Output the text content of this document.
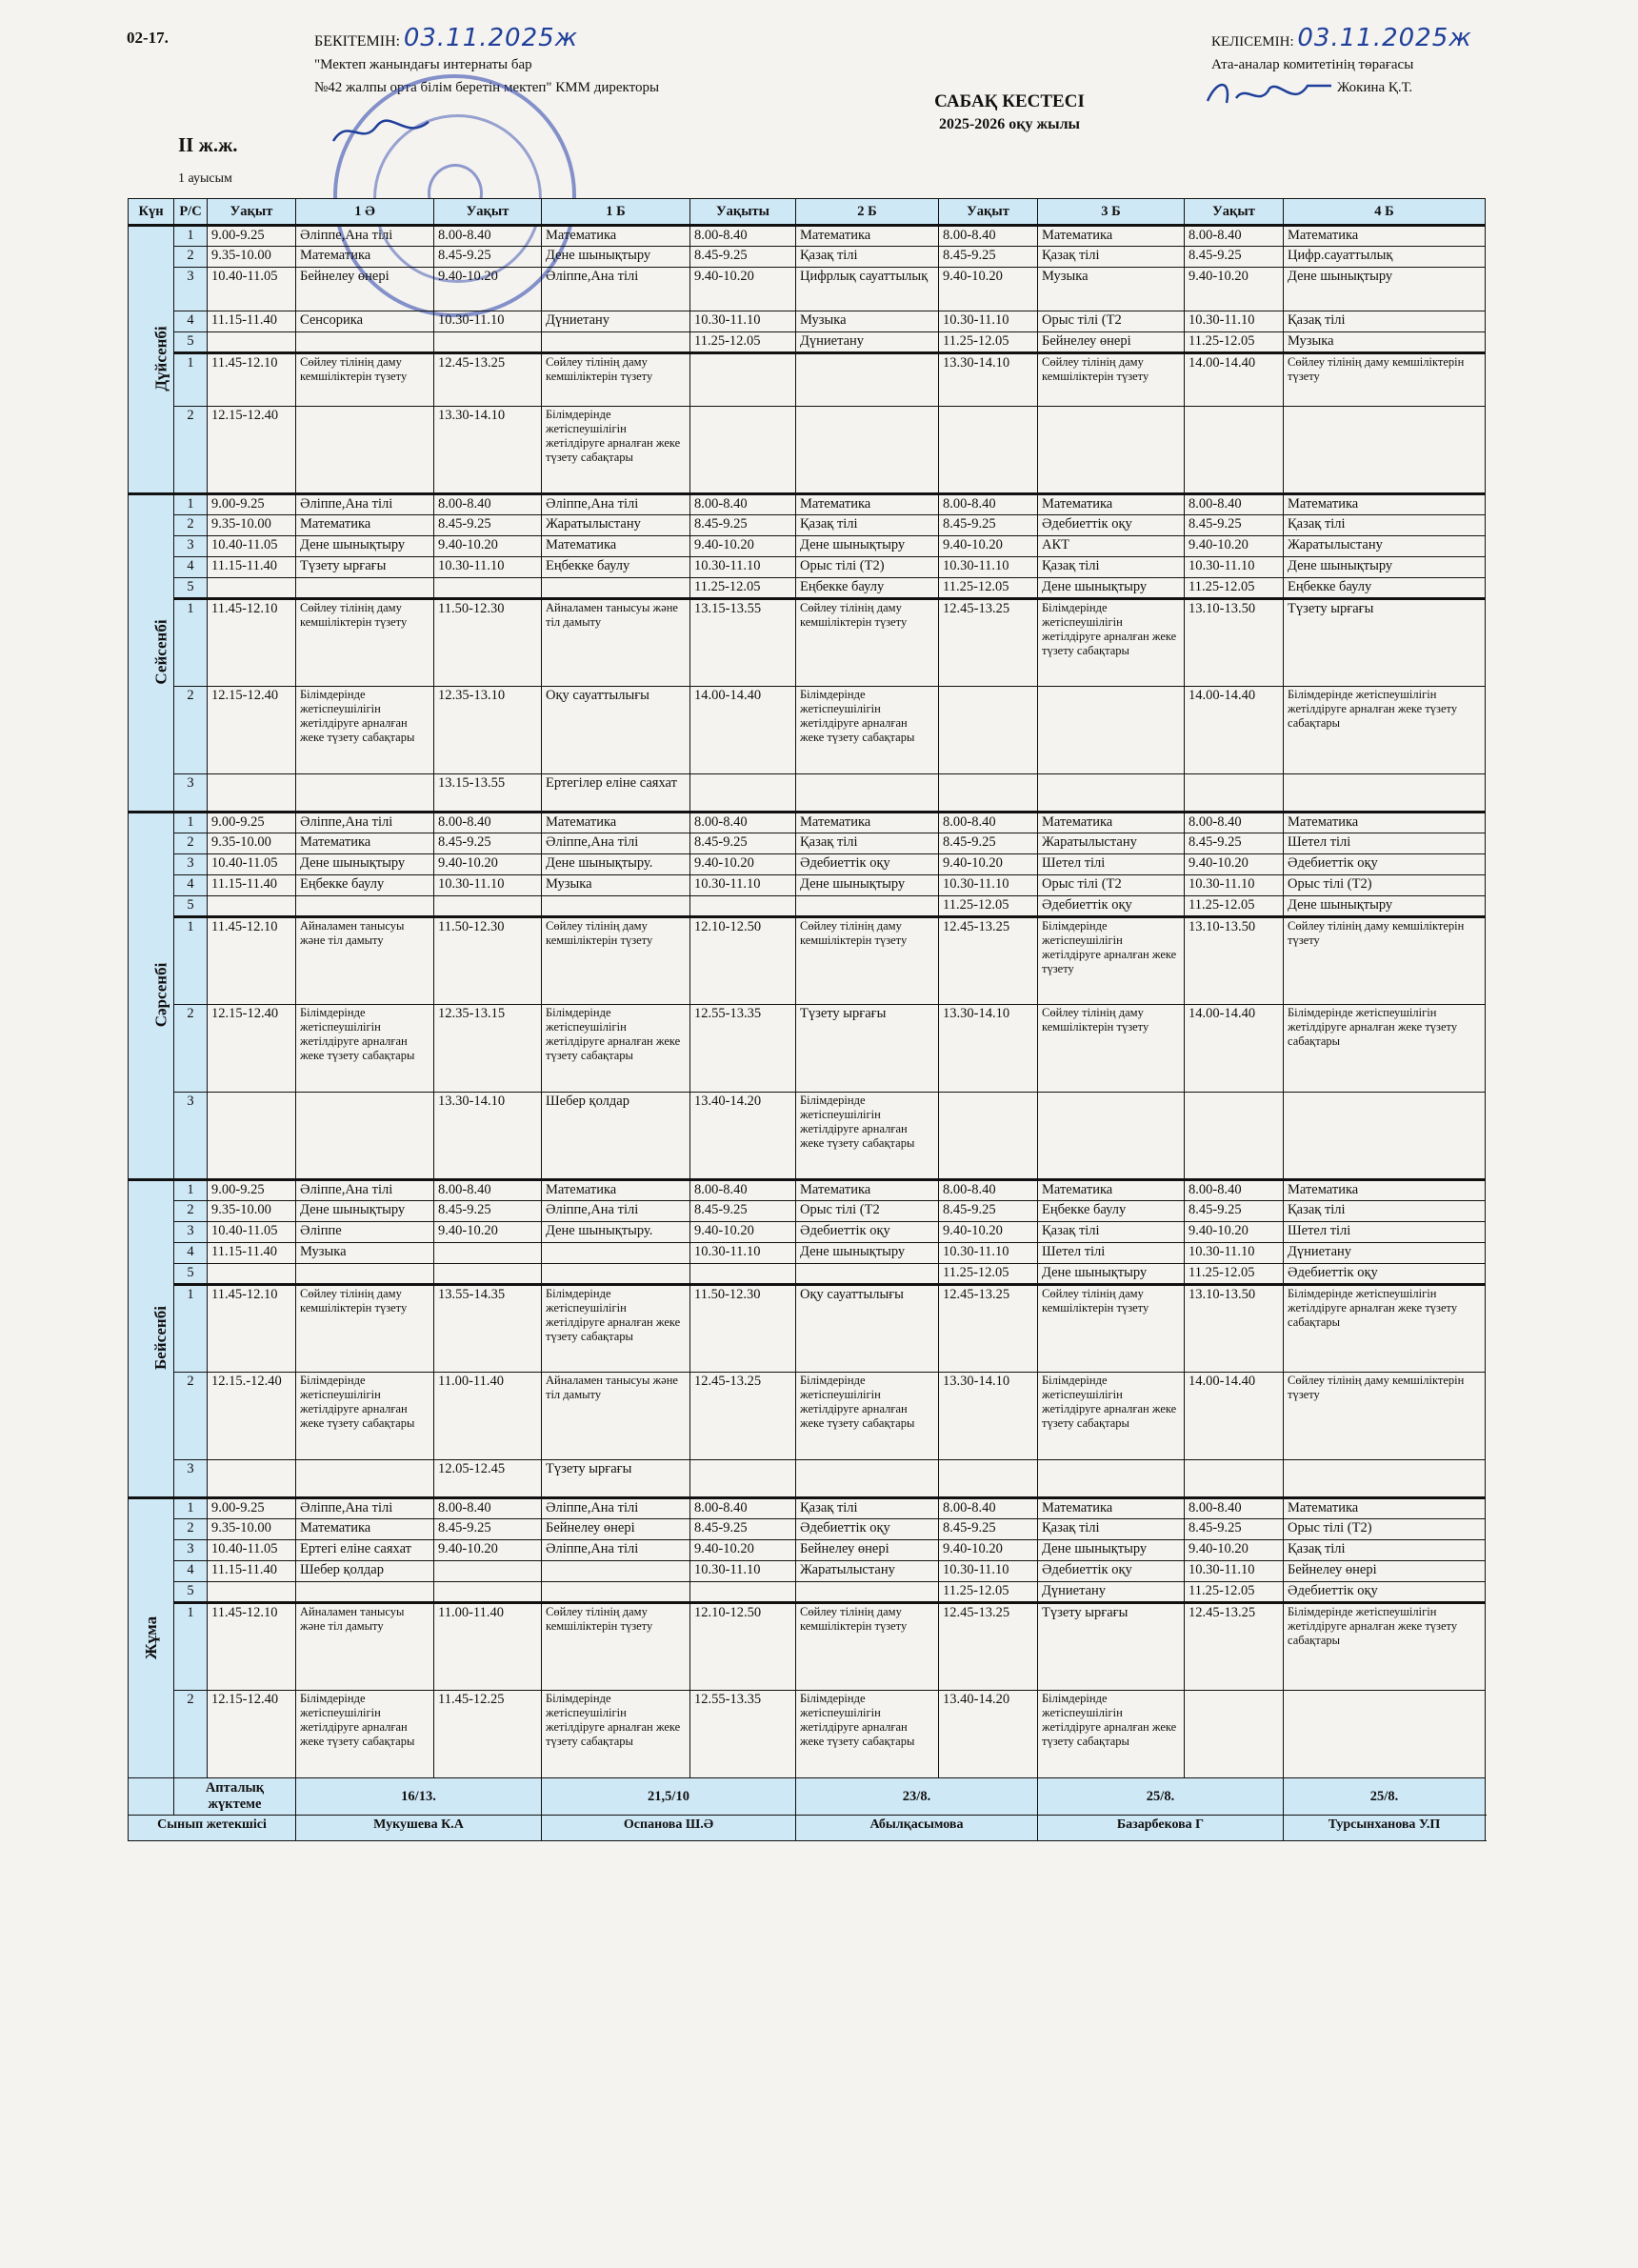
02-17.	БЕКІТЕМІН: 03.11.2025ж
"Мектеп жанындағы интернаты бар
№42 жалпы орта білім беретін мектеп" КММ директоры
КЕЛІСЕМІН: 03.11.2025ж
Ата-аналар комитетінің төрағасы
Жокина Қ.Т.
САБАҚ КЕСТЕСІ
2025-2026 оқу жылы
ІІ ж.ж.
1 ауысым
Күн	Р/С	Уақыт	1 Ә	Уақыт	1 Б	Уақыты	2 Б	Уақыт	3 Б	Уақыт	4 Б
Дүйсенбі	1	9.00-9.25	Әліппе,Ана тілі	8.00-8.40	Математика	8.00-8.40	Математика	8.00-8.40	Математика	8.00-8.40	Математика
	2	9.35-10.00	Математика	8.45-9.25	Дене шынықтыру	8.45-9.25	Қазақ тілі	8.45-9.25	Қазақ тілі	8.45-9.25	Цифр.сауаттылық
	3	10.40-11.05	Бейнелеу өнері	9.40-10.20	Әліппе,Ана тілі	9.40-10.20	Цифрлық сауаттылық	9.40-10.20	Музыка	9.40-10.20	Дене шынықтыру
	4	11.15-11.40	Сенсорика	10.30-11.10	Дүниетану	10.30-11.10	Музыка	10.30-11.10	Орыс тілі (Т2	10.30-11.10	Қазақ тілі
	5					11.25-12.05	Дүниетану	11.25-12.05	Бейнелеу өнері	11.25-12.05	Музыка
	1	11.45-12.10	Сөйлеу тілінің даму кемшіліктерін түзету	12.45-13.25	Сөйлеу тілінің даму кемшіліктерін түзету			13.30-14.10	Сөйлеу тілінің даму кемшіліктерін түзету	14.00-14.40	Сөйлеу тілінің даму кемшіліктерін түзету
	2	12.15-12.40		13.30-14.10	Білімдерінде жетіспеушілігін жетілдіруге арналған жеке түзету сабақтары						
Сейсенбі	1	9.00-9.25	Әліппе,Ана тілі	8.00-8.40	Әліппе,Ана тілі	8.00-8.40	Математика	8.00-8.40	Математика	8.00-8.40	Математика
	2	9.35-10.00	Математика	8.45-9.25	Жаратылыстану	8.45-9.25	Қазақ тілі	8.45-9.25	Әдебиеттік оқу	8.45-9.25	Қазақ тілі
	3	10.40-11.05	Дене шынықтыру	9.40-10.20	Математика	9.40-10.20	Дене шынықтыру	9.40-10.20	АКТ	9.40-10.20	Жаратылыстану
	4	11.15-11.40	Түзету ырғағы	10.30-11.10	Еңбекке баулу	10.30-11.10	Орыс тілі (Т2)	10.30-11.10	Қазақ тілі	10.30-11.10	Дене шынықтыру
	5					11.25-12.05	Еңбекке баулу	11.25-12.05	Дене шынықтыру	11.25-12.05	Еңбекке баулу
	1	11.45-12.10	Сөйлеу тілінің даму кемшіліктерін түзету	11.50-12.30	Айналамен танысуы және тіл дамыту	13.15-13.55	Сөйлеу тілінің даму кемшіліктерін түзету	12.45-13.25	Білімдерінде жетіспеушілігін жетілдіруге арналған жеке түзету сабақтары	13.10-13.50	Түзету ырғағы
	2	12.15-12.40	Білімдерінде жетіспеушілігін жетілдіруге арналған жеке түзету сабақтары	12.35-13.10	Оқу сауаттылығы	14.00-14.40	Білімдерінде жетіспеушілігін жетілдіруге арналған жеке түзету сабақтары			14.00-14.40	Білімдерінде жетіспеушілігін жетілдіруге арналған жеке түзету сабақтары
	3			13.15-13.55	Ертегілер еліне саяхат						
Сәрсенбі	1	9.00-9.25	Әліппе,Ана тілі	8.00-8.40	Математика	8.00-8.40	Математика	8.00-8.40	Математика	8.00-8.40	Математика
	2	9.35-10.00	Математика	8.45-9.25	Әліппе,Ана тілі	8.45-9.25	Қазақ тілі	8.45-9.25	Жаратылыстану	8.45-9.25	Шетел тілі
	3	10.40-11.05	Дене шынықтыру	9.40-10.20	Дене шынықтыру.	9.40-10.20	Әдебиеттік оқу	9.40-10.20	Шетел тілі	9.40-10.20	Әдебиеттік оқу
	4	11.15-11.40	Еңбекке баулу	10.30-11.10	Музыка	10.30-11.10	Дене шынықтыру	10.30-11.10	Орыс тілі (Т2	10.30-11.10	Орыс тілі (Т2)
	5							11.25-12.05	Әдебиеттік оқу	11.25-12.05	Дене шынықтыру
	1	11.45-12.10	Айналамен танысуы және тіл дамыту	11.50-12.30	Сөйлеу тілінің даму кемшіліктерін түзету	12.10-12.50	Сөйлеу тілінің даму кемшіліктерін түзету	12.45-13.25	Білімдерінде жетіспеушілігін жетілдіруге арналған жеке түзету	13.10-13.50	Сөйлеу тілінің даму кемшіліктерін түзету
	2	12.15-12.40	Білімдерінде жетіспеушілігін жетілдіруге арналған жеке түзету сабақтары	12.35-13.15	Білімдерінде жетіспеушілігін жетілдіруге арналған жеке түзету сабақтары	12.55-13.35	Түзету ырғағы	13.30-14.10	Сөйлеу тілінің даму кемшіліктерін түзету	14.00-14.40	Білімдерінде жетіспеушілігін жетілдіруге арналған жеке түзету сабақтары
	3			13.30-14.10	Шебер қолдар	13.40-14.20	Білімдерінде жетіспеушілігін жетілдіруге арналған жеке түзету сабақтары				
Бейсенбі	1	9.00-9.25	Әліппе,Ана тілі	8.00-8.40	Математика	8.00-8.40	Математика	8.00-8.40	Математика	8.00-8.40	Математика
	2	9.35-10.00	Дене шынықтыру	8.45-9.25	Әліппе,Ана тілі	8.45-9.25	Орыс тілі (Т2	8.45-9.25	Еңбекке баулу	8.45-9.25	Қазақ тілі
	3	10.40-11.05	Әліппе	9.40-10.20	Дене шынықтыру.	9.40-10.20	Әдебиеттік оқу	9.40-10.20	Қазақ тілі	9.40-10.20	Шетел тілі
	4	11.15-11.40	Музыка			10.30-11.10	Дене шынықтыру	10.30-11.10	Шетел тілі	10.30-11.10	Дүниетану
	5							11.25-12.05	Дене шынықтыру	11.25-12.05	Әдебиеттік оқу
	1	11.45-12.10	Сөйлеу тілінің даму кемшіліктерін түзету	13.55-14.35	Білімдерінде жетіспеушілігін жетілдіруге арналған жеке түзету сабақтары	11.50-12.30	Оқу сауаттылығы	12.45-13.25	Сөйлеу тілінің даму кемшіліктерін түзету	13.10-13.50	Білімдерінде жетіспеушілігін жетілдіруге арналған жеке түзету сабақтары
	2	12.15.-12.40	Білімдерінде жетіспеушілігін жетілдіруге арналған жеке түзету сабақтары	11.00-11.40	Айналамен танысуы және тіл дамыту	12.45-13.25	Білімдерінде жетіспеушілігін жетілдіруге арналған жеке түзету сабақтары	13.30-14.10	Білімдерінде жетіспеушілігін жетілдіруге арналған жеке түзету сабақтары	14.00-14.40	Сөйлеу тілінің даму кемшіліктерін түзету
	3			12.05-12.45	Түзету ырғағы						
Жұма	1	9.00-9.25	Әліппе,Ана тілі	8.00-8.40	Әліппе,Ана тілі	8.00-8.40	Қазақ тілі	8.00-8.40	Математика	8.00-8.40	Математика
	2	9.35-10.00	Математика	8.45-9.25	Бейнелеу өнері	8.45-9.25	Әдебиеттік оқу	8.45-9.25	Қазақ тілі	8.45-9.25	Орыс тілі (Т2)
	3	10.40-11.05	Ертегі еліне саяхат	9.40-10.20	Әліппе,Ана тілі	9.40-10.20	Бейнелеу өнері	9.40-10.20	Дене шынықтыру	9.40-10.20	Қазақ тілі
	4	11.15-11.40	Шебер қолдар			10.30-11.10	Жаратылыстану	10.30-11.10	Әдебиеттік оқу	10.30-11.10	Бейнелеу өнері
	5							11.25-12.05	Дүниетану	11.25-12.05	Әдебиеттік оқу
	1	11.45-12.10	Айналамен танысуы және тіл дамыту	11.00-11.40	Сөйлеу тілінің даму кемшіліктерін түзету	12.10-12.50	Сөйлеу тілінің даму кемшіліктерін түзету	12.45-13.25	Түзету ырғағы	12.45-13.25	Білімдерінде жетіспеушілігін жетілдіруге арналған жеке түзету сабақтары
	2	12.15-12.40	Білімдерінде жетіспеушілігін жетілдіруге арналған жеке түзету сабақтары	11.45-12.25	Білімдерінде жетіспеушілігін жетілдіруге арналған жеке түзету сабақтары	12.55-13.35	Білімдерінде жетіспеушілігін жетілдіруге арналған жеке түзету сабақтары	13.40-14.20	Білімдерінде жетіспеушілігін жетілдіруге арналған жеке түзету сабақтары		
	Апталық жүктеме		16/13.		21,5/10		23/8.		25/8.		25/8.
Сынып жетекшісі			Мукушева К.А		Оспанова Ш.Ә		Абылқасымова		Базарбекова Г		Турсынханова У.П
